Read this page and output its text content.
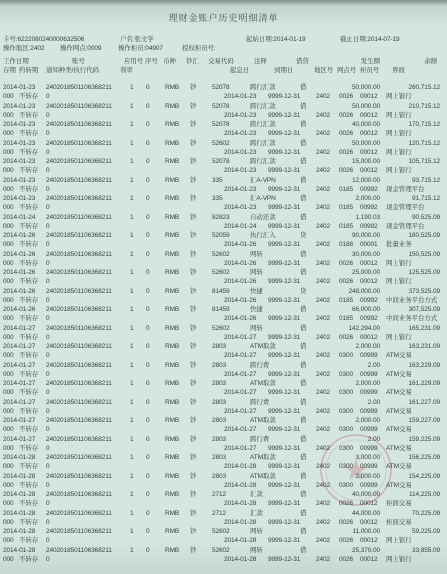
理财金账户历史明细清单
卡号:6222080240000632506	户名:张文学	起始日期:2014-01-19	截止日期:2014-07-19
操作地区:2402 操作网点:0009	操作柜员:04907	授权柜员号:
工作日期	账号	应用号 序号 币种 钞汇 交易代码	注释	借贷	发生额	余额
存期 约转期 通知种类/执行代码	利率	起息日	到期日	地区号 网点号 柜员号 界面
2014-01-23 2402018501106368211	1 0 RMB 钞 52078	跨行汇款	借	50,000.00	260,715.12
000 不转存 0	2014-01-23 9999-12-31 2402 0026 00012 网上银行
2014-01-23 2402018501106368211	1 0 RMB 钞 52078	跨行汇款	借	50,000.00	210,715.12
000 不转存 0	2014-01-23 9999-12-31 2402 0026 00012 网上银行
2014-01-23 2402018501106368211	1 0 RMB 钞 52078	跨行汇款	借	40,000.00	170,715.12
000 不转存 0	2014-01-23 9999-12-31 2402 0026 00012 网上银行
2014-01-23 2402018501106368211	1 0 RMB 钞 52602	跨行汇款	借	50,000.00	120,715.12
000 不转存 0	2014-01-23 9999-12-31 2402 0026 00012 网上银行
2014-01-23 2402018501106368211	1 0 RMB 钞 52078	跨行汇款	借	15,000.00	105,715.12
000 不转存 0	2014-01-23 9999-12-31 2402 0026 00012 网上银行
2014-01-23 2402018501106368211	1 0 RMB 钞 335	汇A-VPN	借	12,000.00	93,715.12
000 不转存 0	2014-01-23 9999-12-31 2402 0185 00992 现金管理平台
2014-01-23 2402018501106368211	1 0 RMB 钞 335	汇A-VPN	借	2,000.00	91,715.12
000 不转存 0	2014-01-23 9999-12-31 2402 0185 00992 现金管理平台
2014-01-24 2402018501106368211	1 0 RMB 钞 82823	自动还款	借	1,190.03	90,525.09
000 不转存 0	2014-01-24 9999-12-31 2402 0185 00992 现金管理平台
2014-01-26 2402018501106368211	1 0 RMB 钞 52059	执行汇入	贷	90,000.00	180,525.09
000 不转存 0	2014-01-26 9999-12-31 2402 0188 00001 批量业务
2014-01-26 2402018501106368211	1 0 RMB 钞 52602	网转	借	30,000.00	150,525.09
000 不转存 0	2014-01-26 9999-12-31 2402 0026 00012 网上银行
2014-01-26 2402018501106368211	1 0 RMB 钞 52602	网转	借	25,000.00	125,525.09
000 不转存 0	2014-01-26 9999-12-31 2402 0026 00012 网上银行
2014-01-26 2402018501106368211	1 0 RMB 钞 81459	快捷	贷	248,000.00	373,525.09
000 不转存 0	2014-01-26 9999-12-31 2402 0185 00992 中间业务平台方式
2014-01-26 2402018501106368211	1 0 RMB 钞 81459	快捷	借	66,000.00	307,525.09
000 不转存 0	2014-01-26 9999-12-31 2402 0185 00992 中间业务平台方式
2014-01-27 2402018501106368211	1 0 RMB 钞 52602	网转	借	142,294.00	165,231.09
000 不转存 0	2014-01-27 9999-12-31 2402 0026 00012 网上银行
2014-01-27 2402018501106368211	1 0 RMB 钞 2803	ATM取款	借	2,000.00	163,231.09
000 不转存 0	2014-01-27 9999-12-31 2402 0300 00999 ATM交易
2014-01-27 2402018501106368211	1 0 RMB 钞 2803	跨行费	借	2.00	163,229.09
000 不转存 0	2014-01-27 9999-12-31 2402 0300 00999 ATM交易
2014-01-27 2402018501106368211	1 0 RMB 钞 2803	ATM取款	借	2,000.00	161,229.09
000 不转存 0	2014-01-27 9999-12-31 2402 0300 00999 ATM交易
2014-01-27 2402018501106368211	1 0 RMB 钞 2803	跨行费	借	2.00	161,227.09
000 不转存 0	2014-01-27 9999-12-31 2402 0300 00999 ATM交易
2014-01-27 2402018501106368211	1 0 RMB 钞 2803	ATM取款	借	2,000.00	159,227.09
000 不转存 0	2014-01-27 9999-12-31 2402 0300 00999 ATM交易
2014-01-27 2402018501106368211	1 0 RMB 钞 2803	跨行费	借	2.00	159,225.09
000 不转存 0	2014-01-27 9999-12-31 2402 0300 00999 ATM交易
2014-01-28 2402018501106368211	1 0 RMB 钞 2803	ATM取款	借	3,000.00	156,225.09
000 不转存 0	2014-01-28 9999-12-31 2402 0300 00999 ATM交易
2014-01-28 2402018501106368211	1 0 RMB 钞 2803	ATM取款	借	2,000.00	154,225.09
000 不转存 0	2014-01-28 9999-12-31 2402 0300 00999 ATM交易
2014-01-28 2402018501106368211	1 0 RMB 钞 2712	汇款	借	40,000.00	114,225.09
000 不转存 0	2014-01-28 9999-12-31 2402 0026 00012 柜面交易
2014-01-28 2402018501106368211	1 0 RMB 钞 2712	汇款	借	44,000.00	70,225.09
000 不转存 0	2014-01-28 9999-12-31 2402 0026 00012 柜面交易
2014-01-28 2402018501106368211	1 0 RMB 钞 52602	网转	借	11,000.00	59,225.09
000 不转存 0	2014-01-28 9999-12-31 2402 0026 00012 网上银行
2014-01-28 2402018501106368211	1 0 RMB 钞 52602	网转	借	25,370.00	33,855.09
000 不转存 0	2014-01-28 9999-12-31 2402 0026 00012 网上银行
